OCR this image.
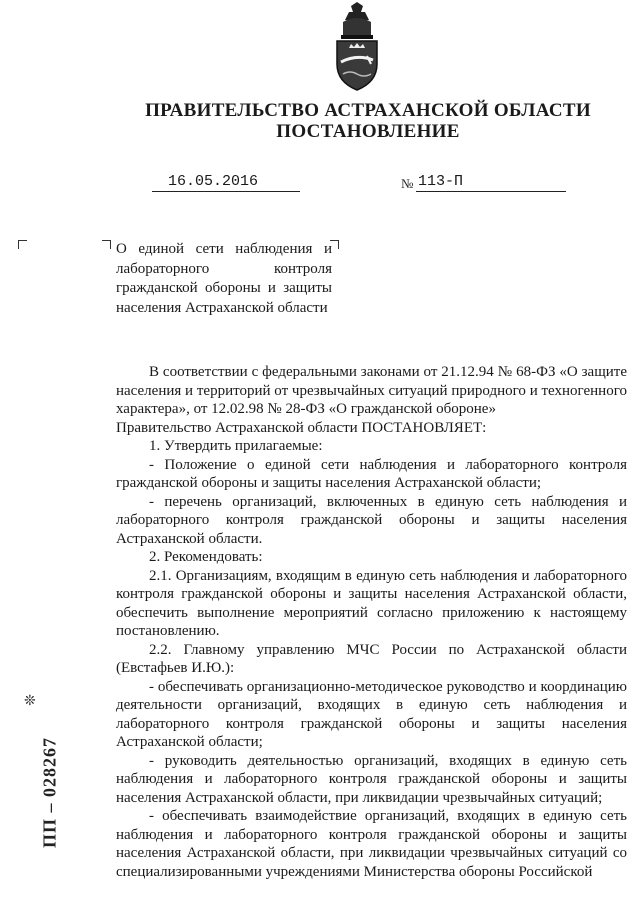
ПРАВИТЕЛЬСТВО АСТРАХАНСКОЙ ОБЛАСТИ
ПОСТАНОВЛЕНИЕ
16.05.2016	№ 113-П
О единой сети наблюдения и лабораторного контроля гражданской обороны и защиты населения Астраханской области

В соответствии с федеральными законами от 21.12.94 № 68-ФЗ «О защите населения и территорий от чрезвычайных ситуаций природного и техногенного характера», от 12.02.98 № 28-ФЗ «О гражданской обороне»

Правительство Астраханской области ПОСТАНОВЛЯЕТ:

1. Утвердить прилагаемые:

- Положение о единой сети наблюдения и лабораторного контроля гражданской обороны и защиты населения Астраханской области;

- перечень организаций, включенных в единую сеть наблюдения и лабораторного контроля гражданской обороны и защиты населения Астраханской области.

2. Рекомендовать:

2.1. Организациям, входящим в единую сеть наблюдения и лабораторного контроля гражданской обороны и защиты населения Астраханской области, обеспечить выполнение мероприятий согласно приложению к настоящему постановлению.

2.2. Главному управлению МЧС России по Астраханской области (Евстафьев И.Ю.):

- обеспечивать организационно-методическое руководство и координацию деятельности организаций, входящих в единую сеть наблюдения и лабораторного контроля гражданской обороны и защиты населения Астраханской области;

- руководить деятельностью организаций, входящих в единую сеть наблюдения и лабораторного контроля гражданской обороны и защиты населения Астраханской области, при ликвидации чрезвычайных ситуаций;

- обеспечивать взаимодействие организаций, входящих в единую сеть наблюдения и лабораторного контроля гражданской обороны и защиты населения Астраханской области, при ликвидации чрезвычайных ситуаций со специализированными учреждениями Министерства обороны Российской

❊
ПП – 028267
